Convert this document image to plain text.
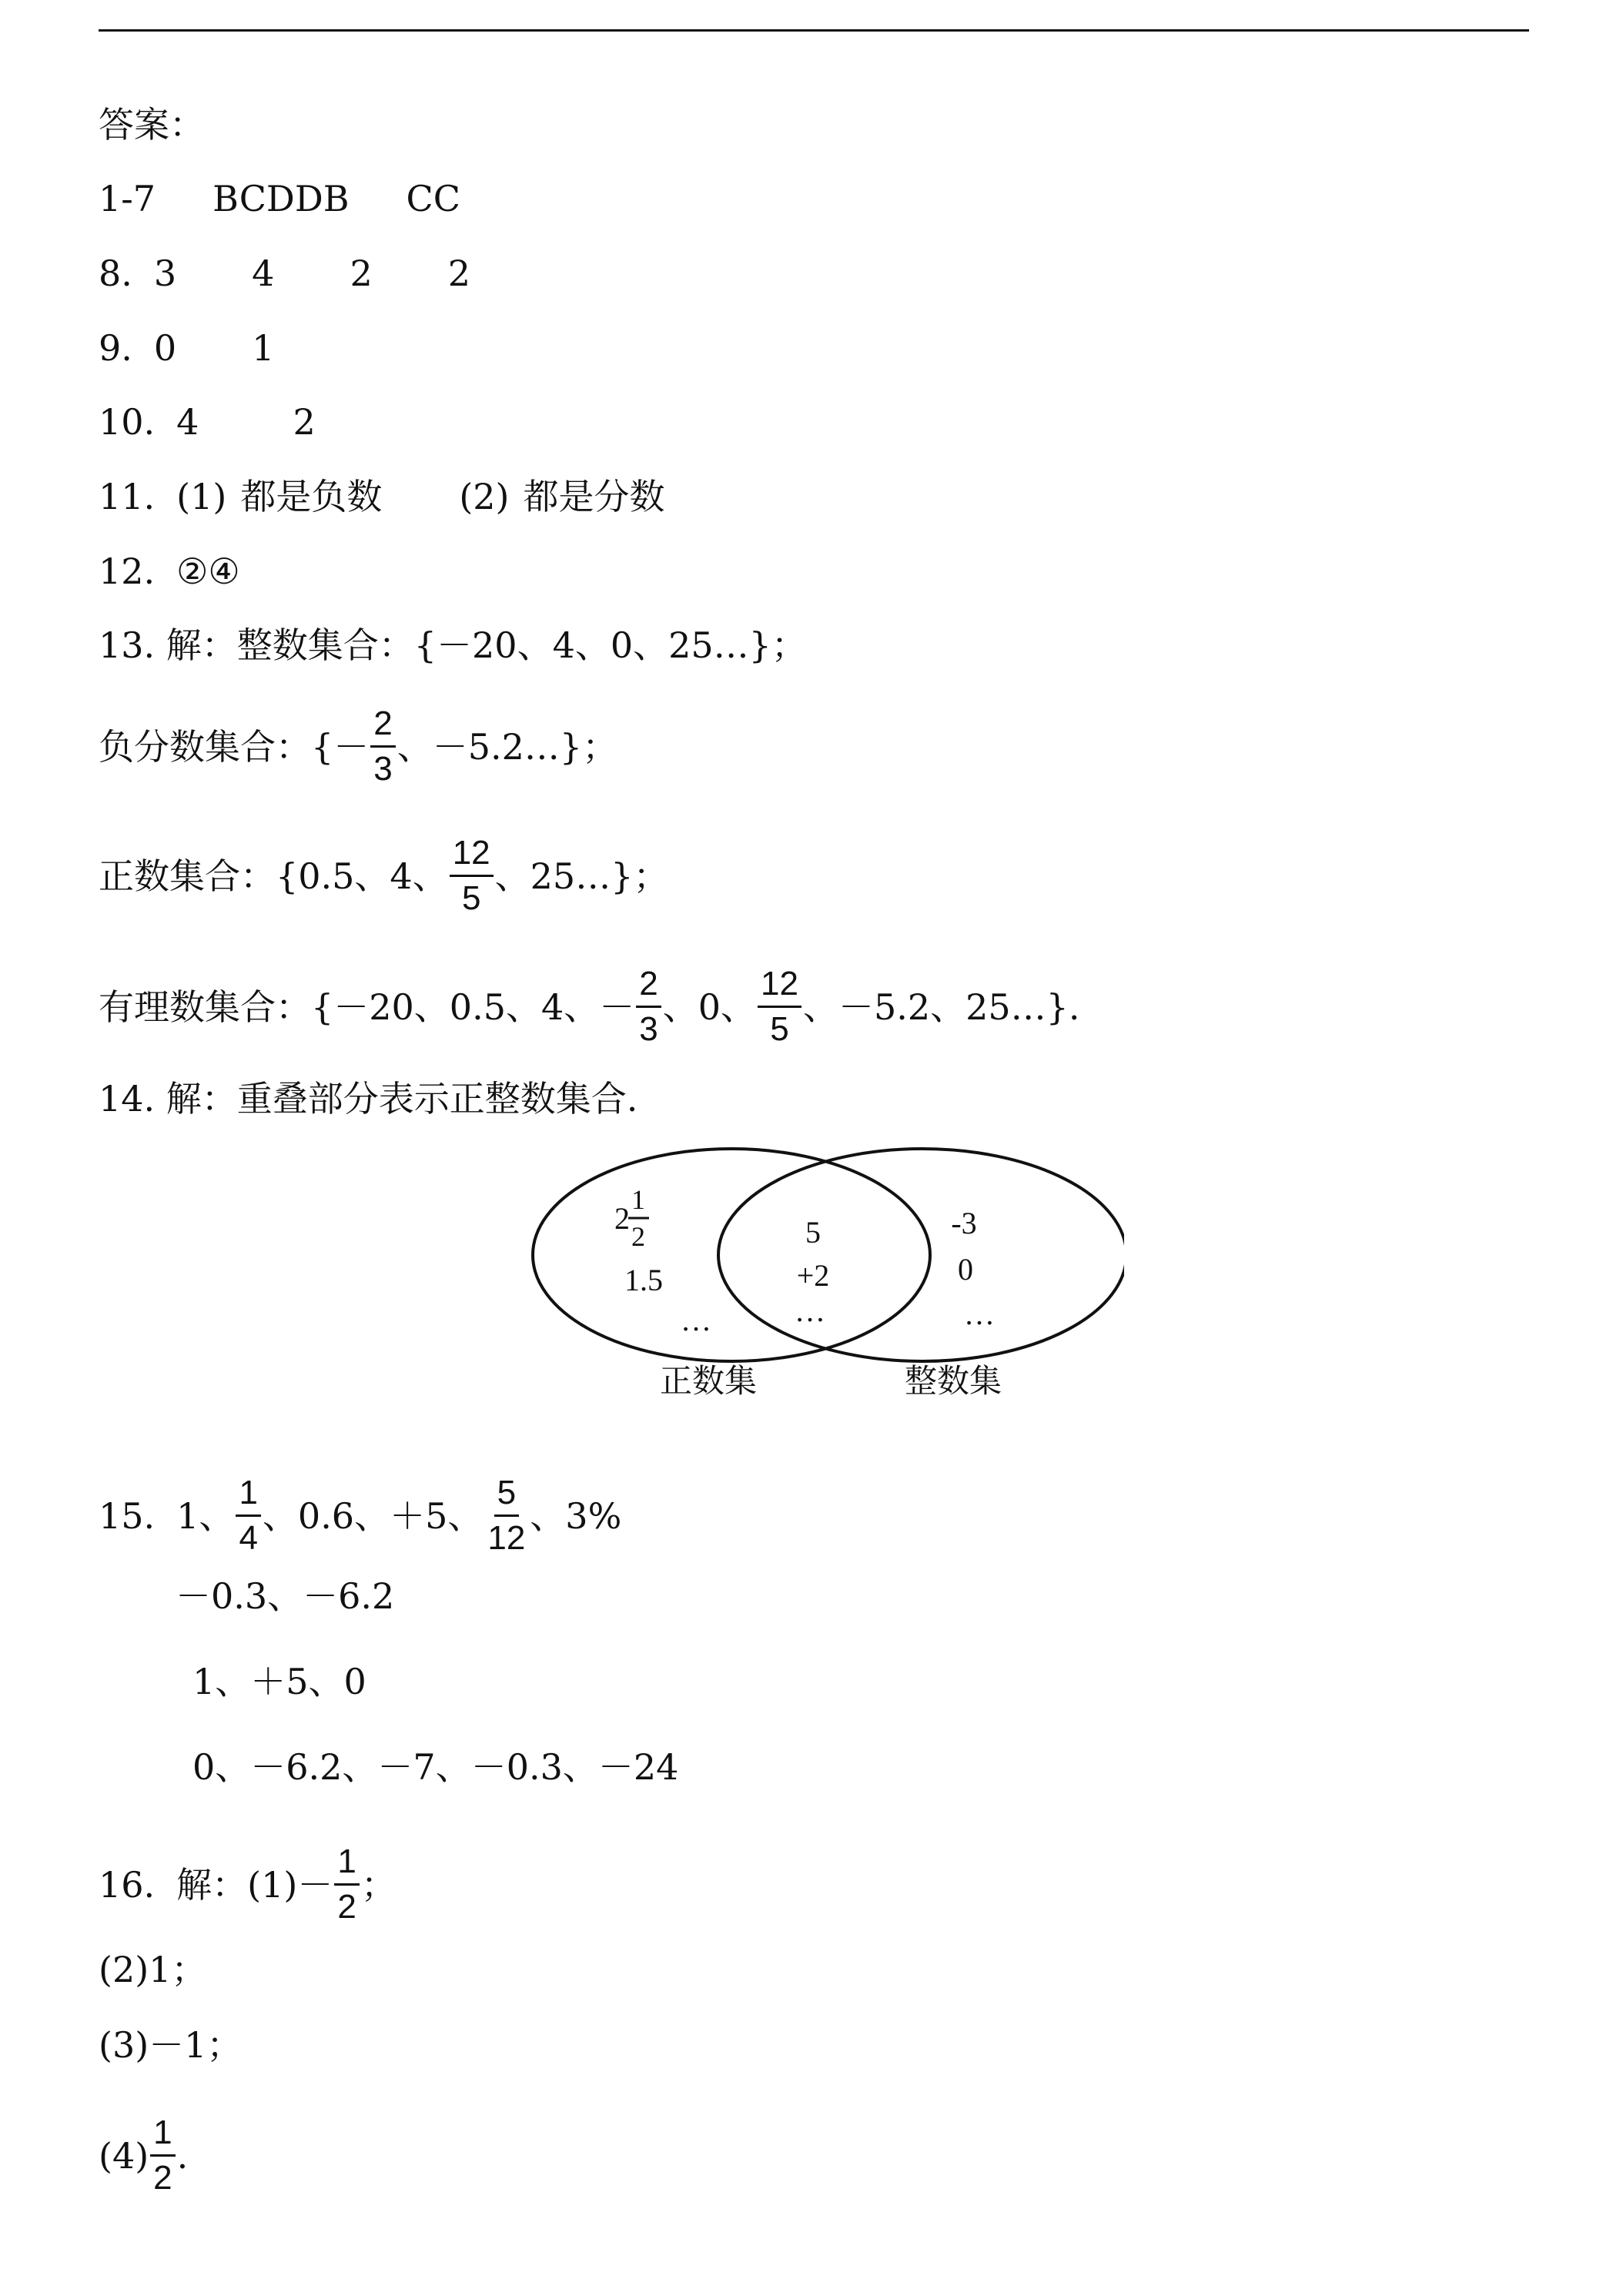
答案：
1-7 BCDDB CC
8. 3 4 2 2
9. 0 1
10. 4	2
11. (1) 都是负数 (2) 都是分数
12. ②④
13. 解：整数集合：{－20、4、0、25…}；
负分数集合：{－ $\frac{2}{3}$ 、－5.2…}；
正数集合：{0.5、4、 $\frac{12}{5}$ 、25…}；
有理数集合：{－20、0.5、4、－ $\frac{2}{3}$ 、0、 $\frac{12}{5}$ 、－5.2、25…}.
14. 解：重叠部分表示正整数集合.
2
1
2
1.5
…
5
+2
…
-3
0
…
正数集	整数集
15. 1、 $\frac{1}{4}$ 、0.6、＋5、 $\frac{5}{12}$ 、3%
－0.3、－6.2
1、＋5、0
0、－6.2、－7、－0.3、－24
16. 解：$(1)- \frac{1}{2}$ ；
(2)1；
(3)－1；
$(4) \frac{1}{2}$ .
